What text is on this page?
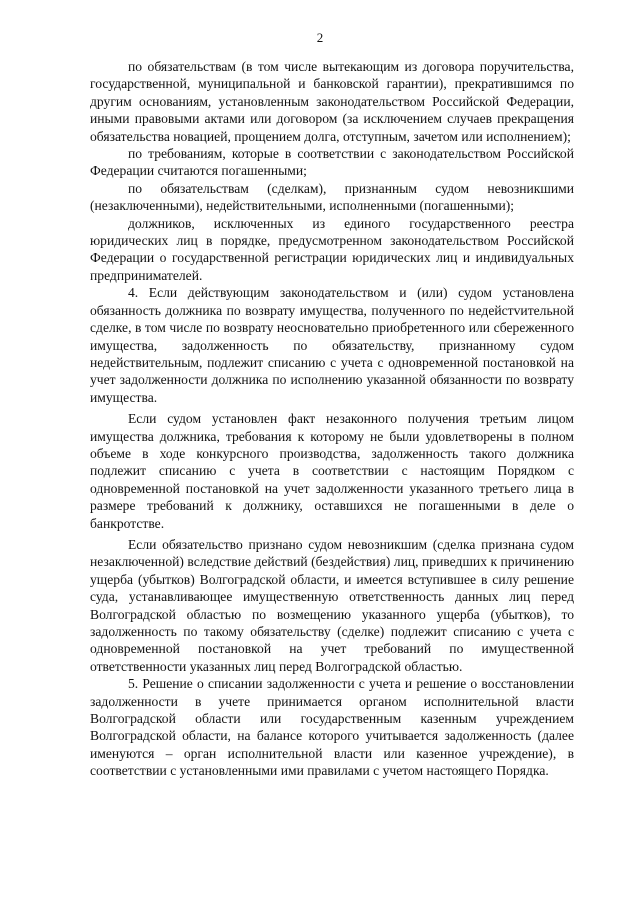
2

по обязательствам (в том числе вытекающим из договора поручительства, государственной, муниципальной и банковской гарантии), прекратившимся по другим основаниям, установленным законодательством Российской Федерации, иными правовыми актами или договором (за исключением случаев прекращения обязательства новацией, прощением долга, отступным, зачетом или исполнением);

по требованиям, которые в соответствии с законодательством Российской Федерации считаются погашенными;

по обязательствам (сделкам), признанным судом невозникшими (незаключенными), недействительными, исполненными (погашенными);

должников, исключенных из единого государственного реестра юридических лиц в порядке, предусмотренном законодательством Российской Федерации о государственной регистрации юридических лиц и индивидуальных предпринимателей.

4. Если действующим законодательством и (или) судом установлена обязанность должника по возврату имущества, полученного по недейстvительной сделке, в том числе по возврату неосновательно приобретенного или сбереженного имущества, задолженность по обязательству, признанному судом недействительным, подлежит списанию с учета с одновременной постановкой на учет задолженности должника по исполнению указанной обязанности по возврату имущества.

Если судом установлен факт незаконного получения третьим лицом имущества должника, требования к которому не были удовлетворены в полном объеме в ходе конкурсного производства, задолженность такого должника подлежит списанию с учета в соответствии с настоящим Порядком с одновременной постановкой на учет задолженности указанного третьего лица в размере требований к должнику, оставшихся не погашенными в деле о банкротстве.

Если обязательство признано судом невозникшим (сделка признана судом незаключенной) вследствие действий (бездействия) лиц, приведших к причинению ущерба (убытков) Волгоградской области, и имеется вступившее в силу решение суда, устанавливающее имущественную ответственность данных лиц перед Волгоградской областью по возмещению указанного ущерба (убытков), то задолженность по такому обязательству (сделке) подлежит списанию с учета с одновременной постановкой на учет требований по имущественной ответственности указанных лиц перед Волгоградской областью.

5. Решение о списании задолженности с учета и решение о восстановлении задолженности в учете принимается органом исполнительной власти Волгоградской области или государственным казенным учреждением Волгоградской области, на балансе которого учитывается задолженность (далее именуются – орган исполнительной власти или казенное учреждение), в соответствии с установленными ими правилами с учетом настоящего Порядка.
